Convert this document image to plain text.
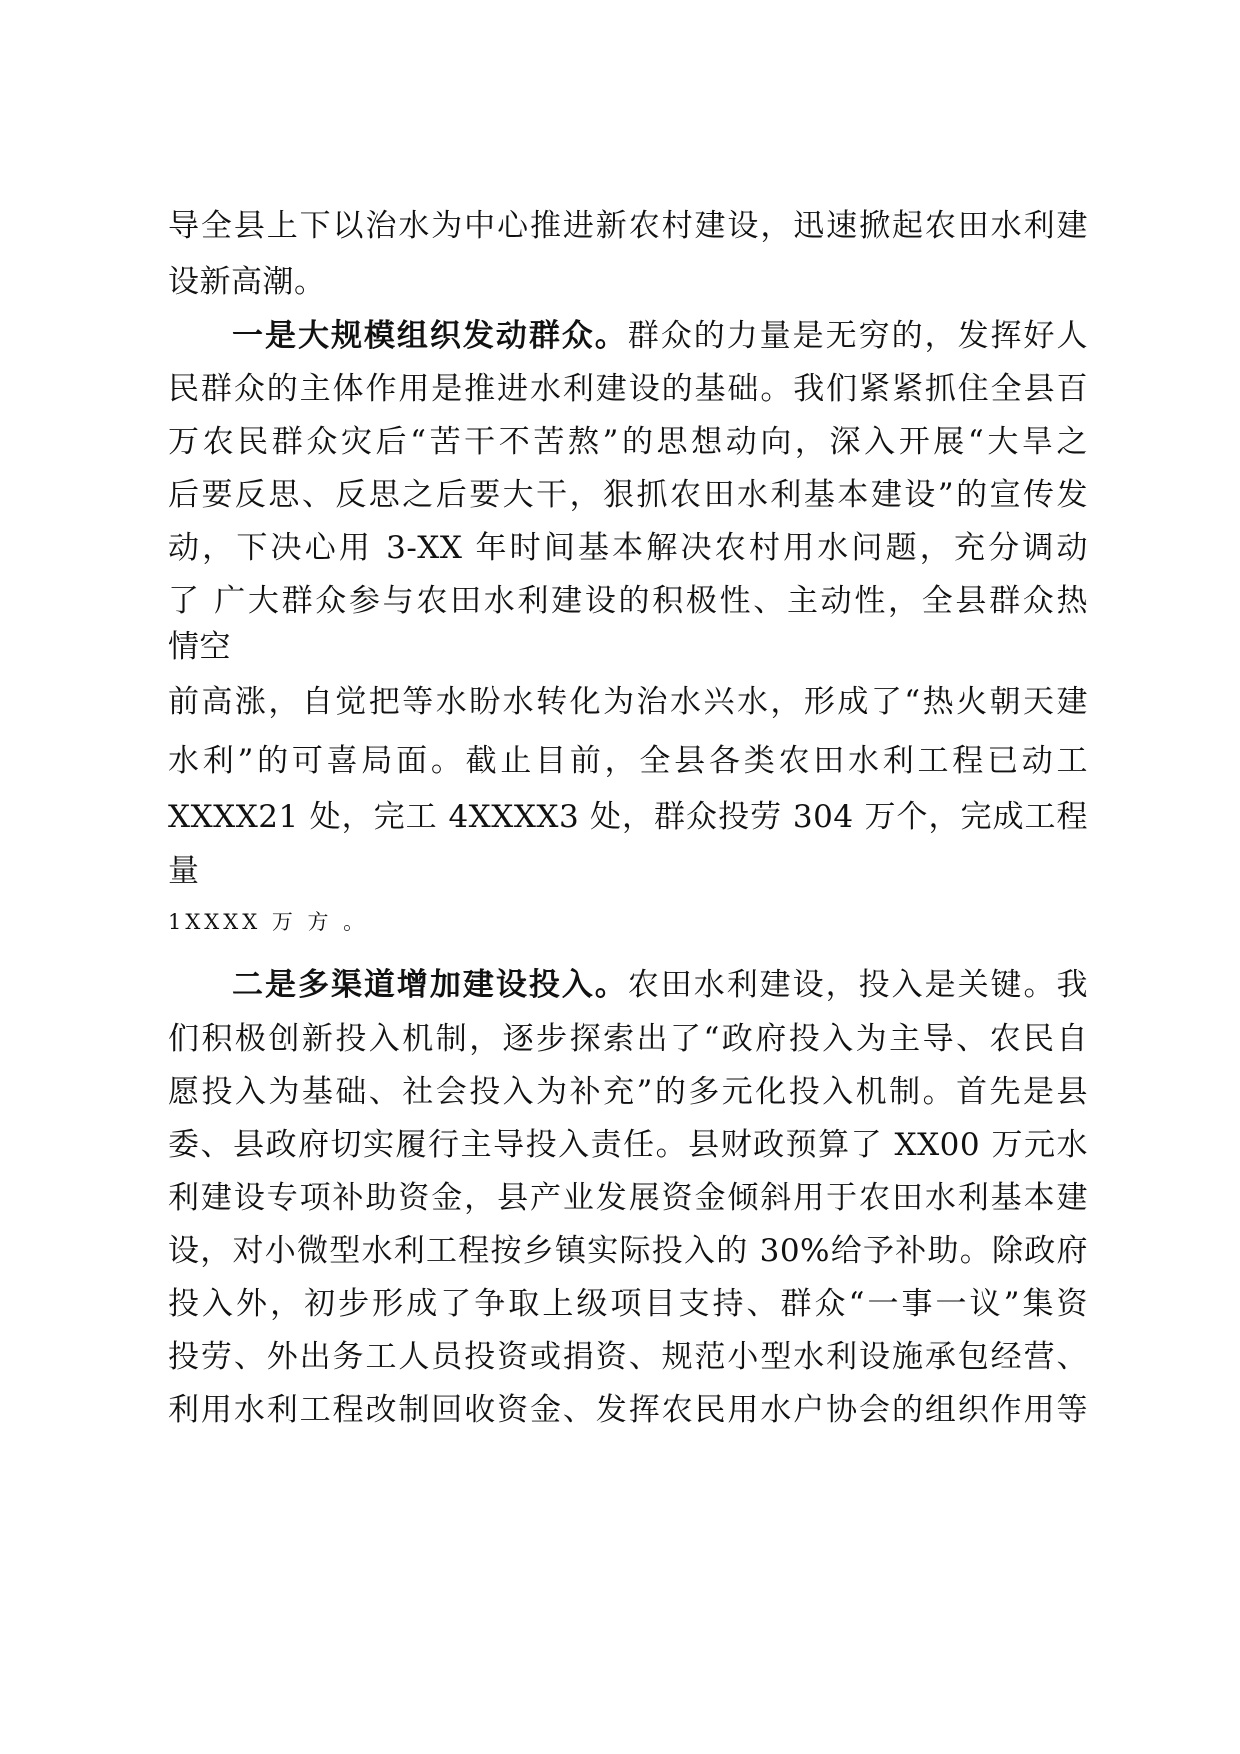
导全县上下以治水为中心推进新农村建设，迅速掀起农田水利建

设新高潮。

一是大规模组织发动群众。群众的力量是无穷的，发挥好人

民群众的主体作用是推进水利建设的基础。我们紧紧抓住全县百

万农民群众灾后“苦干不苦熬”的思想动向，深入开展“大旱之

后要反思、反思之后要大干，狠抓农田水利基本建设”的宣传发

动，下决心用 3-XX 年时间基本解决农村用水问题，充分调动

了 广大群众参与农田水利建设的积极性、主动性，全县群众热

情空

前高涨，自觉把等水盼水转化为治水兴水，形成了“热火朝天建

水利”的可喜局面。截止目前，全县各类农田水利工程已动工

XXXX21 处，完工 4XXXX3 处，群众投劳 304 万个，完成工程

量

1XXXX 万 方 。

二是多渠道增加建设投入。农田水利建设，投入是关键。我

们积极创新投入机制，逐步探索出了“政府投入为主导、农民自

愿投入为基础、社会投入为补充”的多元化投入机制。首先是县

委、县政府切实履行主导投入责任。县财政预算了 XX00 万元水

利建设专项补助资金，县产业发展资金倾斜用于农田水利基本建

设，对小微型水利工程按乡镇实际投入的 30%给予补助。除政府

投入外，初步形成了争取上级项目支持、群众“一事一议”集资

投劳、外出务工人员投资或捐资、规范小型水利设施承包经营、

利用水利工程改制回收资金、发挥农民用水户协会的组织作用等
